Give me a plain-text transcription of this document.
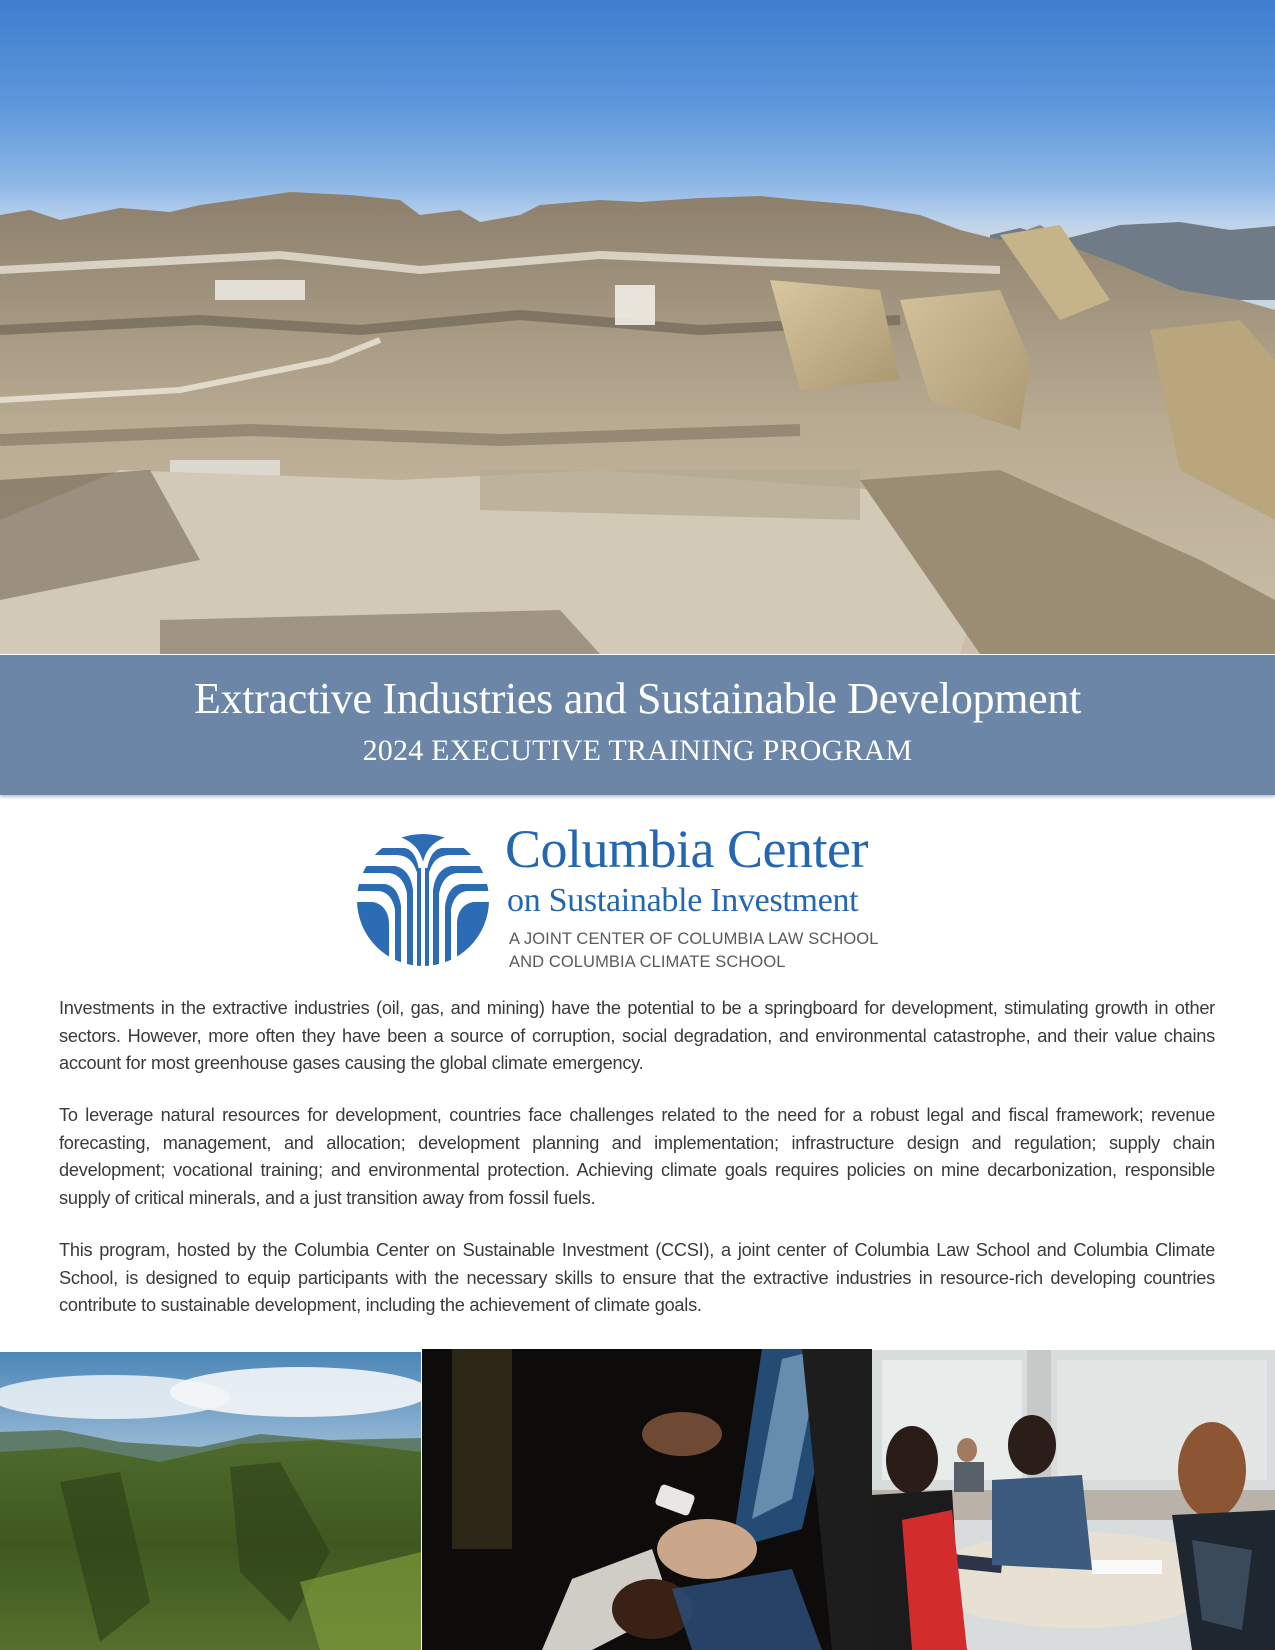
Extractive Industries and Sustainable Development
2024 EXECUTIVE TRAINING PROGRAM
Columbia Center
on Sustainable Investment
A JOINT CENTER OF COLUMBIA LAW SCHOOL
AND COLUMBIA CLIMATE SCHOOL

Investments in the extractive industries (oil, gas, and mining) have the potential to be a springboard for development, stimulating growth in other sectors. However, more often they have been a source of corruption, social degradation, and environmental catastrophe, and their value chains account for most greenhouse gases causing the global climate emergency.

To leverage natural resources for development, countries face challenges related to the need for a robust legal and fiscal framework; revenue forecasting, management, and allocation; development planning and implementation; infrastructure design and regulation; supply chain development; vocational training; and environmental protection. Achieving climate goals requires policies on mine decarbonization, responsible supply of critical minerals, and a just transition away from fossil fuels.

This program, hosted by the Columbia Center on Sustainable Investment (CCSI), a joint center of Columbia Law School and Columbia Climate School, is designed to equip participants with the necessary skills to ensure that the extractive industries in resource-rich developing countries contribute to sustainable development, including the achievement of climate goals.
